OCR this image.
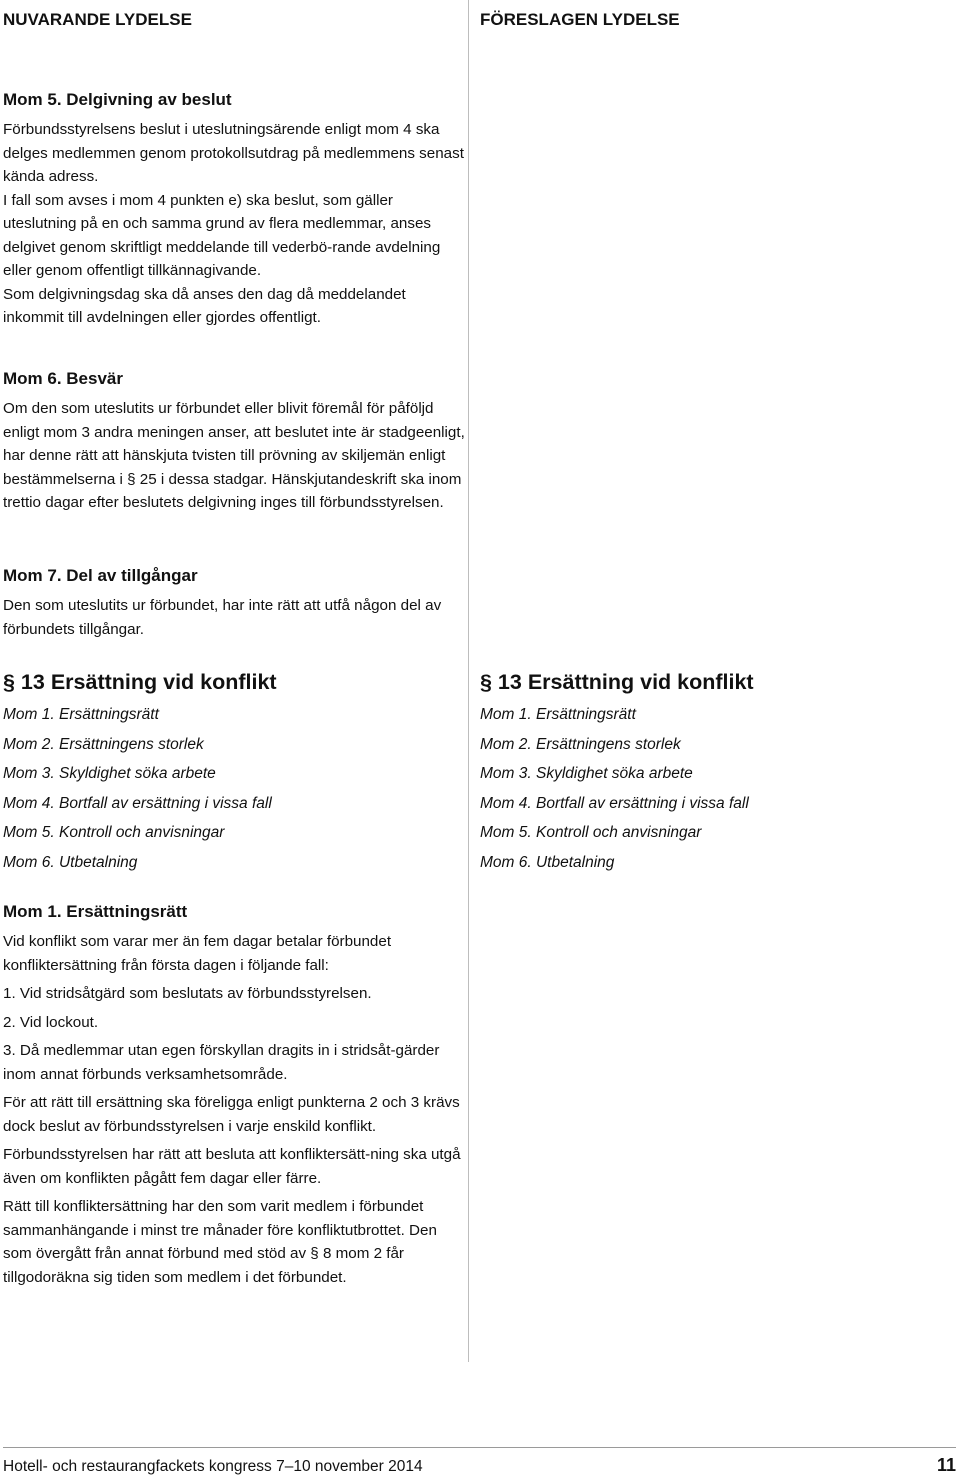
NUVARANDE LYDELSE
Mom 5. Delgivning av beslut

Förbundsstyrelsens beslut i uteslutningsärende enligt mom 4 ska delges medlemmen genom protokollsutdrag på medlemmens senast kända adress.

I fall som avses i mom 4 punkten e) ska beslut, som gäller uteslutning på en och samma grund av flera medlemmar, anses delgivet genom skriftligt meddelande till vederbö-rande avdelning eller genom offentligt tillkännagivande.

Som delgivningsdag ska då anses den dag då meddelandet inkommit till avdelningen eller gjordes offentligt.

Mom 6. Besvär

Om den som uteslutits ur förbundet eller blivit föremål för påföljd enligt mom 3 andra meningen anser, att beslutet inte är stadgeenligt, har denne rätt att hänskjuta tvisten till prövning av skiljemän enligt bestämmelserna i § 25 i dessa stadgar. Hänskjutandeskrift ska inom trettio dagar efter beslutets delgivning inges till förbundsstyrelsen.

Mom 7. Del av tillgångar

Den som uteslutits ur förbundet, har inte rätt att utfå någon del av förbundets tillgångar.

§ 13 Ersättning vid konflikt
Mom 1. Ersättningsrätt
Mom 2. Ersättningens storlek
Mom 3. Skyldighet söka arbete
Mom 4. Bortfall av ersättning i vissa fall
Mom 5. Kontroll och anvisningar
Mom 6. Utbetalning
Mom 1. Ersättningsrätt

Vid konflikt som varar mer än fem dagar betalar förbundet konfliktersättning från första dagen i följande fall:

1. Vid stridsåtgärd som beslutats av förbundsstyrelsen.

2. Vid lockout.

3. Då medlemmar utan egen förskyllan dragits in i stridsåt-gärder inom annat förbunds verksamhetsområde.

För att rätt till ersättning ska föreligga enligt punkterna 2 och 3 krävs dock beslut av förbundsstyrelsen i varje enskild konflikt.

Förbundsstyrelsen har rätt att besluta att konfliktersätt-ning ska utgå även om konflikten pågått fem dagar eller färre.

Rätt till konfliktersättning har den som varit medlem i förbundet sammanhängande i minst tre månader före konfliktutbrottet. Den som övergått från annat förbund med stöd av § 8 mom 2 får tillgodoräkna sig tiden som medlem i det förbundet.

FÖRESLAGEN LYDELSE
§ 13 Ersättning vid konflikt
Mom 1. Ersättningsrätt
Mom 2. Ersättningens storlek
Mom 3. Skyldighet söka arbete
Mom 4. Bortfall av ersättning i vissa fall
Mom 5. Kontroll och anvisningar
Mom 6. Utbetalning
Hotell- och restaurangfackets kongress 7–10 november 2014	11
